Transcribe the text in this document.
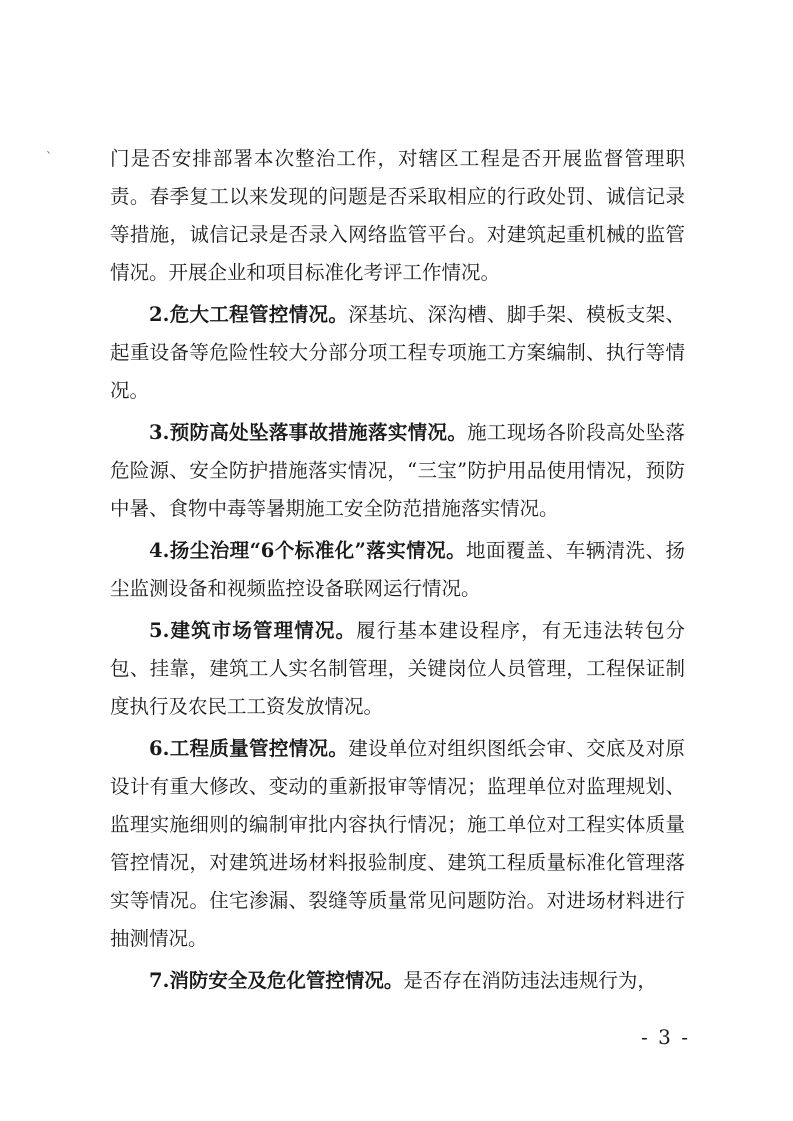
`	门是否安排部署本次整治工作，对辖区工程是否开展监督管理职责。春季复工以来发现的问题是否采取相应的行政处罚、诚信记录等措施，诚信记录是否录入网络监管平台。对建筑起重机械的监管情况。开展企业和项目标准化考评工作情况。

2.危大工程管控情况。深基坑、深沟槽、脚手架、模板支架、起重设备等危险性较大分部分项工程专项施工方案编制、执行等情况。

3.预防高处坠落事故措施落实情况。施工现场各阶段高处坠落危险源、安全防护措施落实情况，“三宝”防护用品使用情况，预防中暑、食物中毒等暑期施工安全防范措施落实情况。

4.扬尘治理“6个标准化”落实情况。地面覆盖、车辆清洗、扬尘监测设备和视频监控设备联网运行情况。

5.建筑市场管理情况。履行基本建设程序，有无违法转包分包、挂靠，建筑工人实名制管理，关键岗位人员管理，工程保证制度执行及农民工工资发放情况。

6.工程质量管控情况。建设单位对组织图纸会审、交底及对原设计有重大修改、变动的重新报审等情况；监理单位对监理规划、监理实施细则的编制审批内容执行情况；施工单位对工程实体质量管控情况，对建筑进场材料报验制度、建筑工程质量标准化管理落实等情况。住宅渗漏、裂缝等质量常见问题防治。对进场材料进行抽测情况。

7.消防安全及危化管控情况。是否存在消防违法违规行为，

- 3 -
